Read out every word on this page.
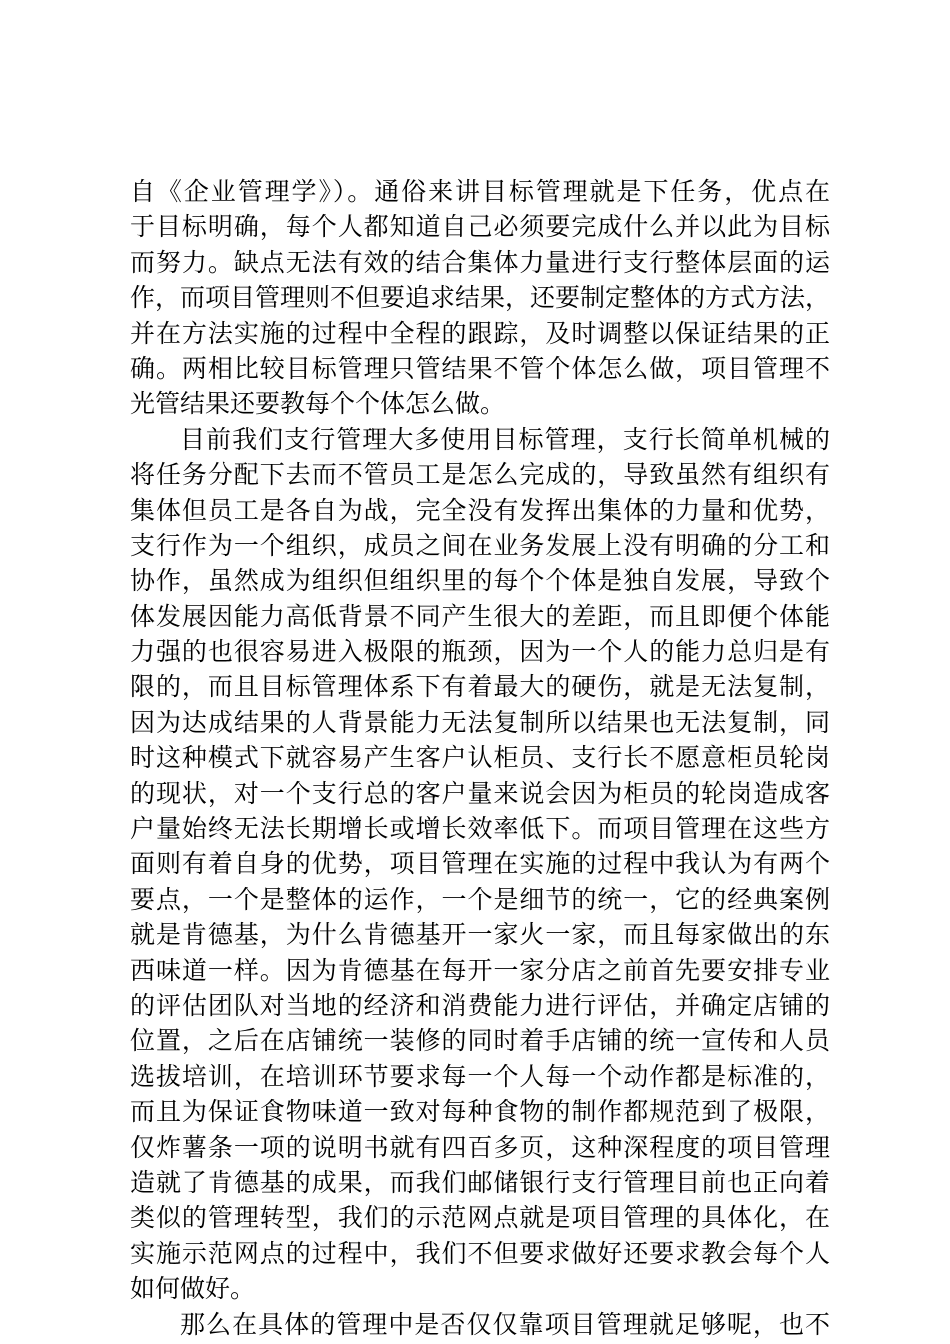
自《企业管理学》）。通俗来讲目标管理就是下任务，优点在
于目标明确，每个人都知道自己必须要完成什么并以此为目标
而努力。缺点无法有效的结合集体力量进行支行整体层面的运
作，而项目管理则不但要追求结果，还要制定整体的方式方法，
并在方法实施的过程中全程的跟踪，及时调整以保证结果的正
确。两相比较目标管理只管结果不管个体怎么做，项目管理不
光管结果还要教每个个体怎么做。
目前我们支行管理大多使用目标管理，支行长简单机械的
将任务分配下去而不管员工是怎么完成的，导致虽然有组织有
集体但员工是各自为战，完全没有发挥出集体的力量和优势，
支行作为一个组织，成员之间在业务发展上没有明确的分工和
协作，虽然成为组织但组织里的每个个体是独自发展，导致个
体发展因能力高低背景不同产生很大的差距，而且即便个体能
力强的也很容易进入极限的瓶颈，因为一个人的能力总归是有
限的，而且目标管理体系下有着最大的硬伤，就是无法复制，
因为达成结果的人背景能力无法复制所以结果也无法复制，同
时这种模式下就容易产生客户认柜员、支行长不愿意柜员轮岗
的现状，对一个支行总的客户量来说会因为柜员的轮岗造成客
户量始终无法长期增长或增长效率低下。而项目管理在这些方
面则有着自身的优势，项目管理在实施的过程中我认为有两个
要点，一个是整体的运作，一个是细节的统一，它的经典案例
就是肯德基，为什么肯德基开一家火一家，而且每家做出的东
西味道一样。因为肯德基在每开一家分店之前首先要安排专业
的评估团队对当地的经济和消费能力进行评估，并确定店铺的
位置，之后在店铺统一装修的同时着手店铺的统一宣传和人员
选拔培训，在培训环节要求每一个人每一个动作都是标准的，
而且为保证食物味道一致对每种食物的制作都规范到了极限，
仅炸薯条一项的说明书就有四百多页，这种深程度的项目管理
造就了肯德基的成果，而我们邮储银行支行管理目前也正向着
类似的管理转型，我们的示范网点就是项目管理的具体化，在
实施示范网点的过程中，我们不但要求做好还要求教会每个人
如何做好。
那么在具体的管理中是否仅仅靠项目管理就足够呢，也不
